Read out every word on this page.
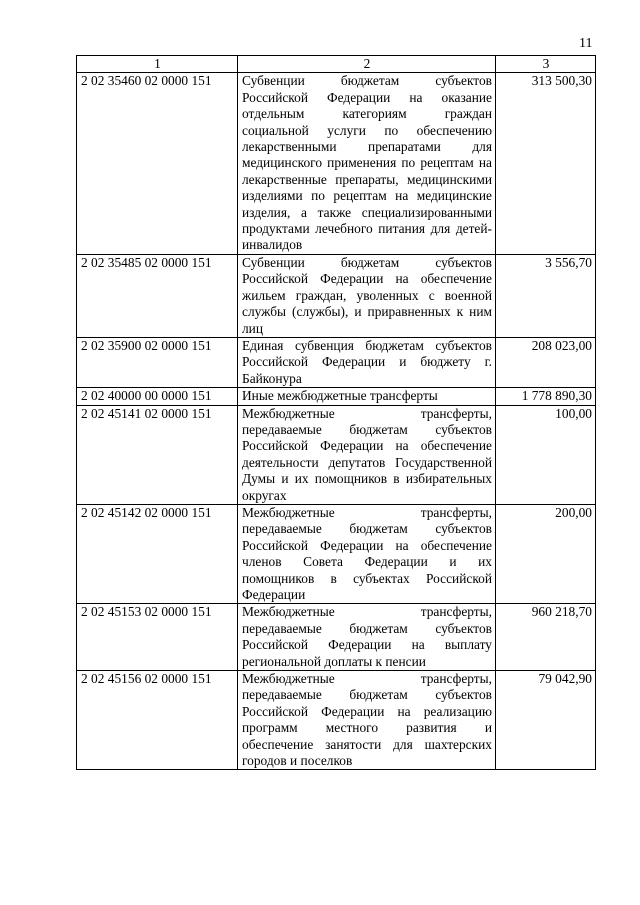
11
1	2	3
2 02 35460 02 0000 151	Субвенции бюджетам субъектов Российской Федерации на оказание отдельным категориям граждан социальной услуги по обеспечению лекарственными препаратами для медицинского применения по рецептам на лекарственные препараты, медицинскими изделиями по рецептам на медицинские изделия, а также специализированными продуктами лечебного питания для детей-инвалидов	313 500,30
2 02 35485 02 0000 151	Субвенции бюджетам субъектов Российской Федерации на обеспечение жильем граждан, уволенных с военной службы (службы), и приравненных к ним лиц	3 556,70
2 02 35900 02 0000 151	Единая субвенция бюджетам субъектов Российской Федерации и бюджету г. Байконура	208 023,00
2 02 40000 00 0000 151	Иные межбюджетные трансферты	1 778 890,30
2 02 45141 02 0000 151	Межбюджетные трансферты, передаваемые бюджетам субъектов Российской Федерации на обеспечение деятельности депутатов Государственной Думы и их помощников в избирательных округах	100,00
2 02 45142 02 0000 151	Межбюджетные трансферты, передаваемые бюджетам субъектов Российской Федерации на обеспечение членов Совета Федерации и их помощников в субъектах Российской Федерации	200,00
2 02 45153 02 0000 151	Межбюджетные трансферты, передаваемые бюджетам субъектов Российской Федерации на выплату региональной доплаты к пенсии	960 218,70
2 02 45156 02 0000 151	Межбюджетные трансферты, передаваемые бюджетам субъектов Российской Федерации на реализацию программ местного развития и обеспечение занятости для шахтерских городов и поселков	79 042,90
